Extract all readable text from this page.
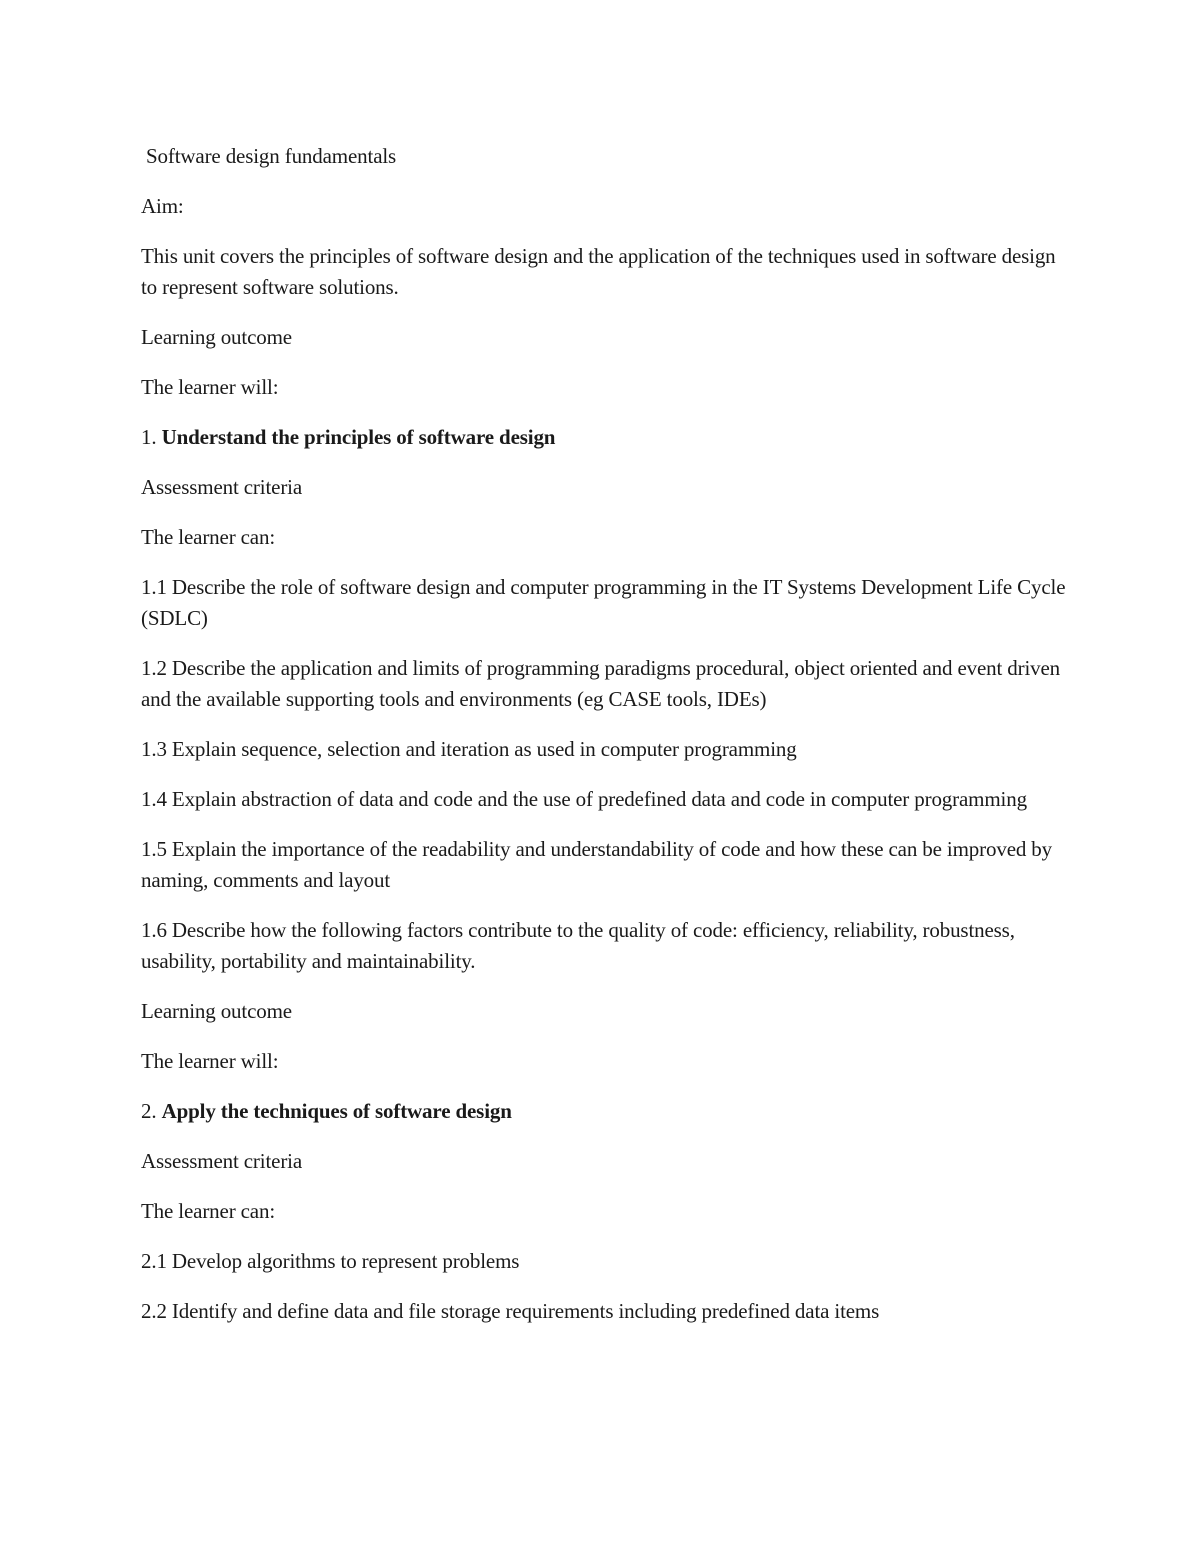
Software design fundamentals

Aim:

This unit covers the principles of software design and the application of the techniques used in software design to represent software solutions.

Learning outcome

The learner will:

1. Understand the principles of software design

Assessment criteria

The learner can:

1.1 Describe the role of software design and computer programming in the IT Systems Development Life Cycle (SDLC)

1.2 Describe the application and limits of programming paradigms procedural, object oriented and event driven and the available supporting tools and environments (eg CASE tools, IDEs)

1.3 Explain sequence, selection and iteration as used in computer programming

1.4 Explain abstraction of data and code and the use of predefined data and code in computer programming

1.5 Explain the importance of the readability and understandability of code and how these can be improved by naming, comments and layout

1.6 Describe how the following factors contribute to the quality of code: efficiency, reliability, robustness, usability, portability and maintainability.

Learning outcome

The learner will:

2. Apply the techniques of software design

Assessment criteria

The learner can:

2.1 Develop algorithms to represent problems

2.2 Identify and define data and file storage requirements including predefined data items
